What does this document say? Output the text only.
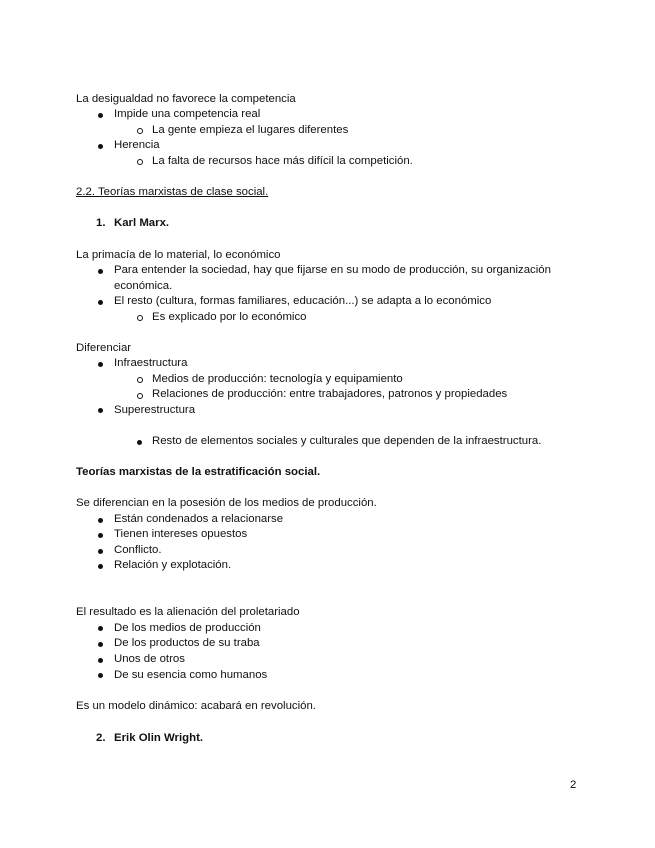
La desigualdad no favorece la competencia
Impide una competencia real
La gente empieza el lugares diferentes
Herencia
La falta de recursos hace más difícil la competición.
2.2. Teorías marxistas de clase social.
1. Karl Marx.
La primacía de lo material, lo económico
Para entender la sociedad, hay que fijarse en su modo de producción, su organización
económica.
El resto (cultura, formas familiares, educación...) se adapta a lo económico
Es explicado por lo económico
Diferenciar
Infraestructura
Medios de producción: tecnología y equipamiento
Relaciones de producción: entre trabajadores, patronos y propiedades
Superestructura
Resto de elementos sociales y culturales que dependen de la infraestructura.
Teorías marxistas de la estratificación social.
Se diferencian en la posesión de los medios de producción.
Están condenados a relacionarse
Tienen intereses opuestos
Conflicto.
Relación y explotación.
El resultado es la alienación del proletariado
De los medios de producción
De los productos de su traba
Unos de otros
De su esencia como humanos
Es un modelo dinámico: acabará en revolución.
2. Erik Olin Wright.
2
